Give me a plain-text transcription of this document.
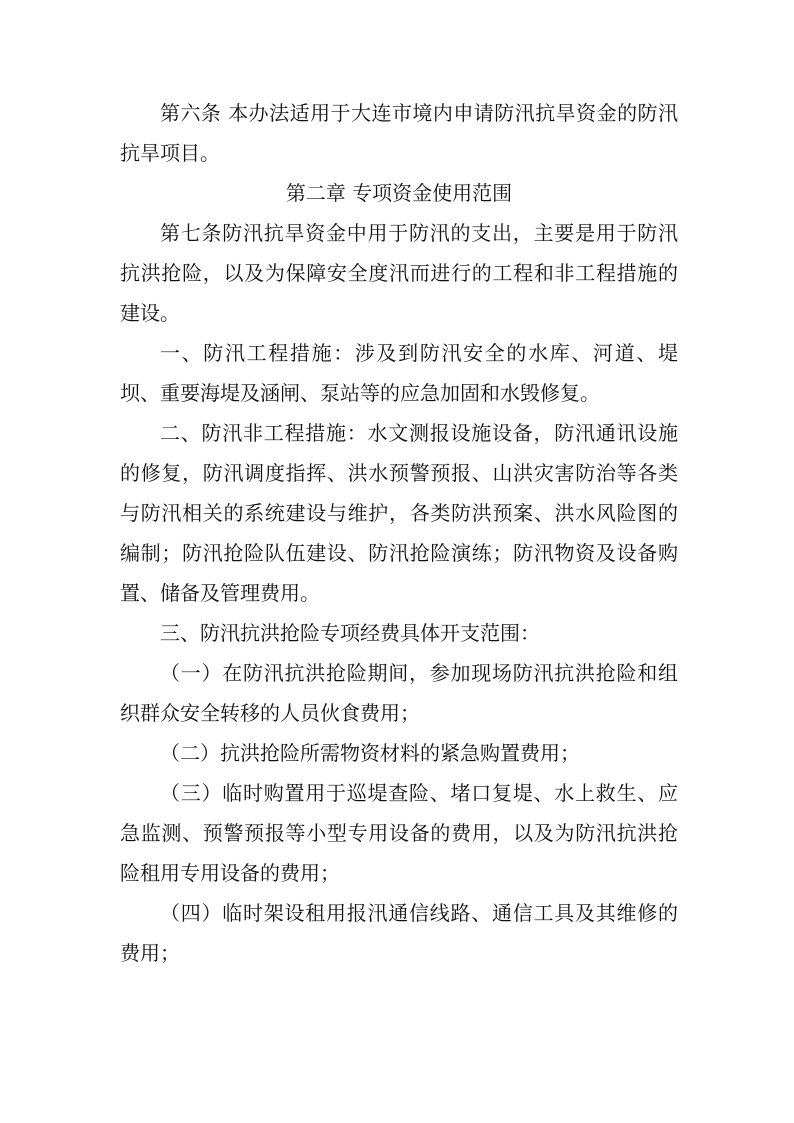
第六条 本办法适用于大连市境内申请防汛抗旱资金的防汛抗旱项目。

第二章 专项资金使用范围

第七条防汛抗旱资金中用于防汛的支出，主要是用于防汛抗洪抢险，以及为保障安全度汛而进行的工程和非工程措施的建设。

一、防汛工程措施：涉及到防汛安全的水库、河道、堤坝、重要海堤及涵闸、泵站等的应急加固和水毁修复。

二、防汛非工程措施：水文测报设施设备，防汛通讯设施的修复，防汛调度指挥、洪水预警预报、山洪灾害防治等各类与防汛相关的系统建设与维护，各类防洪预案、洪水风险图的编制；防汛抢险队伍建设、防汛抢险演练；防汛物资及设备购置、储备及管理费用。

三、防汛抗洪抢险专项经费具体开支范围：

（一）在防汛抗洪抢险期间，参加现场防汛抗洪抢险和组织群众安全转移的人员伙食费用；

（二）抗洪抢险所需物资材料的紧急购置费用；

（三）临时购置用于巡堤查险、堵口复堤、水上救生、应急监测、预警预报等小型专用设备的费用，以及为防汛抗洪抢险租用专用设备的费用；

（四）临时架设租用报汛通信线路、通信工具及其维修的费用；
